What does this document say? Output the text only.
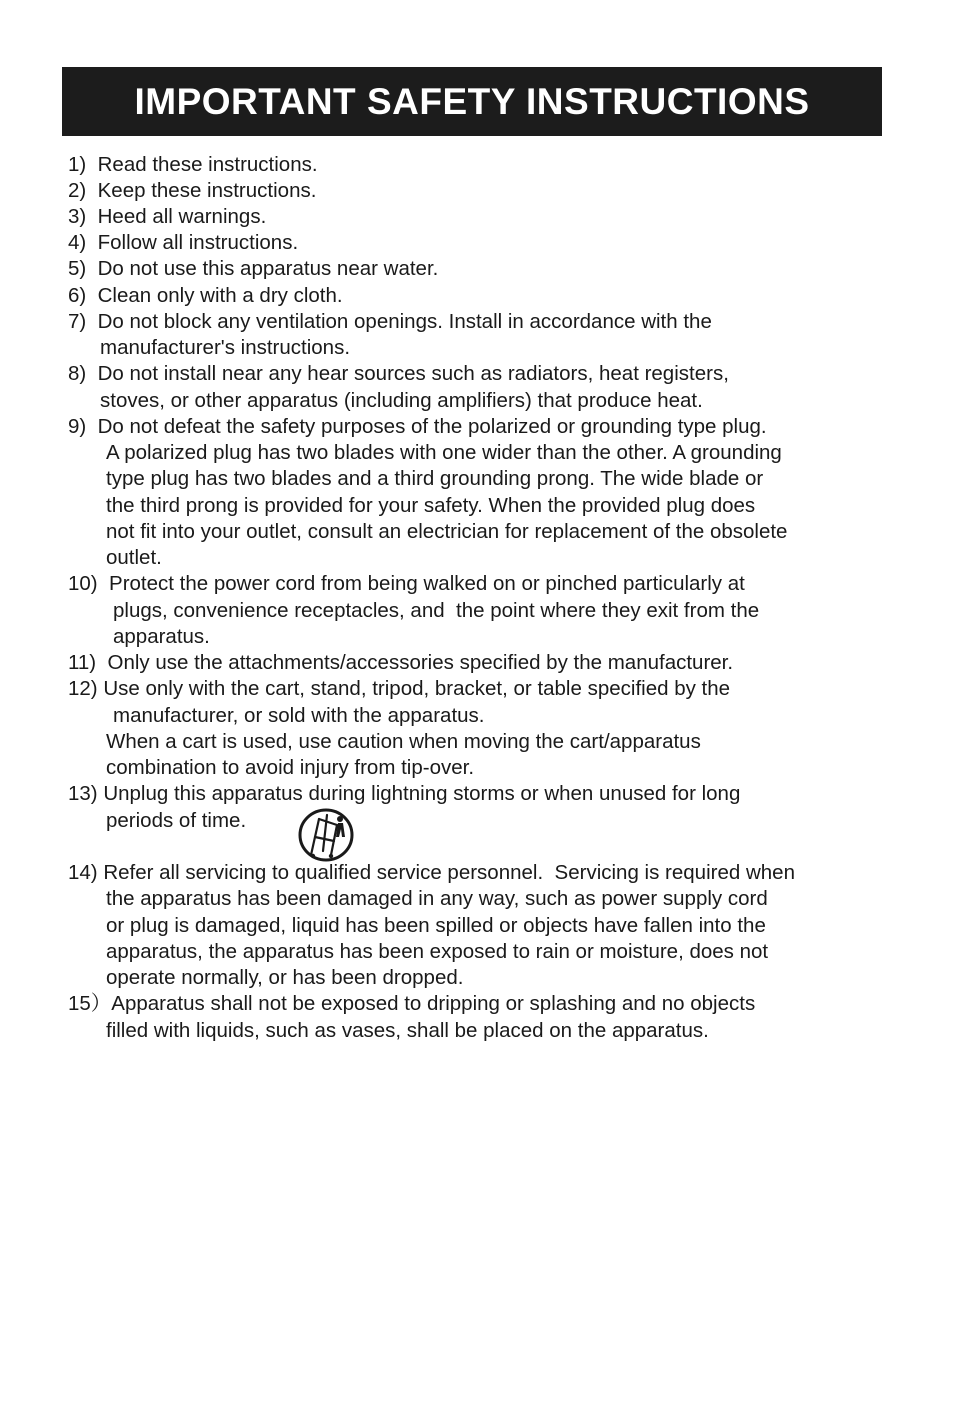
IMPORTANT SAFETY INSTRUCTIONS
1)  Read these instructions.
2)  Keep these instructions.
3)  Heed all warnings.
4)  Follow all instructions.
5)  Do not use this apparatus near water.
6)  Clean only with a dry cloth.
7)  Do not block any ventilation openings. Install in accordance with the
manufacturer's instructions.
8)  Do not install near any hear sources such as radiators, heat registers,
stoves, or other apparatus (including amplifiers) that produce heat.
9)  Do not defeat the safety purposes of the polarized or grounding type plug.
A polarized plug has two blades with one wider than the other. A grounding
type plug has two blades and a third grounding prong. The wide blade or
the third prong is provided for your safety. When the provided plug does
not fit into your outlet, consult an electrician for replacement of the obsolete
outlet.
10)  Protect the power cord from being walked on or pinched particularly at
plugs, convenience receptacles, and  the point where they exit from the
apparatus.
11)  Only use the attachments/accessories specified by the manufacturer.
12) Use only with the cart, stand, tripod, bracket, or table specified by the
manufacturer, or sold with the apparatus.
When a cart is used, use caution when moving the cart/apparatus
combination to avoid injury from tip-over.
13) Unplug this apparatus during lightning storms or when unused for long
periods of time.
14) Refer all servicing to qualified service personnel.  Servicing is required when
the apparatus has been damaged in any way, such as power supply cord
or plug is damaged, liquid has been spilled or objects have fallen into the
apparatus, the apparatus has been exposed to rain or moisture, does not
operate normally, or has been dropped.
15）Apparatus shall not be exposed to dripping or splashing and no objects
filled with liquids, such as vases, shall be placed on the apparatus.
